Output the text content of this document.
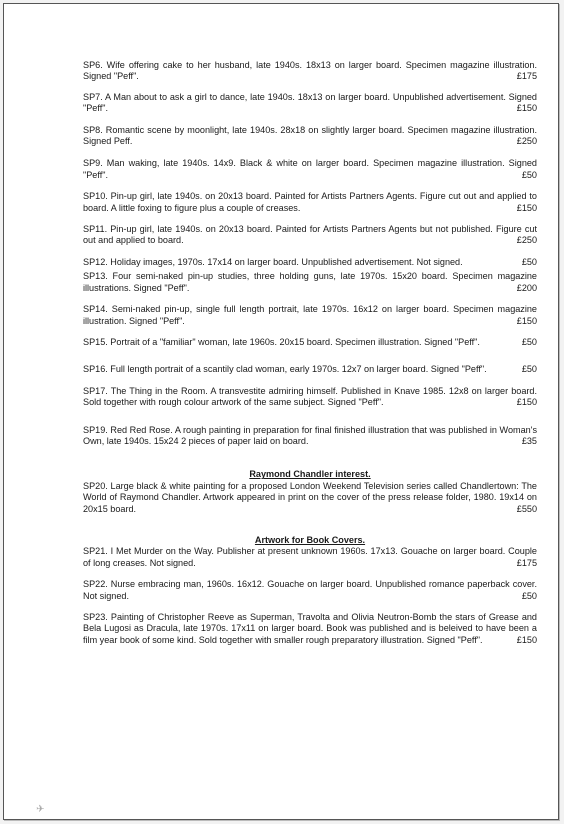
SP6. Wife offering cake to her husband, late 1940s. 18x13 on larger board. Specimen magazine illustration. Signed "Peff".	£175
SP7. A Man about to ask a girl to dance, late 1940s. 18x13 on larger board. Unpublished advertisement. Signed "Peff".	£150
SP8. Romantic scene by moonlight, late 1940s. 28x18 on slightly larger board. Specimen magazine illustration. Signed Peff.	£250
SP9. Man waking, late 1940s. 14x9. Black & white on larger board. Specimen magazine illustration. Signed "Peff".	£50
SP10. Pin-up girl, late 1940s. on 20x13 board. Painted for Artists Partners Agents. Figure cut out and applied to board. A little foxing to figure plus a couple of creases.	£150
SP11. Pin-up girl, late 1940s. on 20x13 board. Painted for Artists Partners Agents but not published. Figure cut out and applied to board.	£250
SP12. Holiday images, 1970s. 17x14 on larger board. Unpublished advertisement. Not signed.	£50
SP13. Four semi-naked pin-up studies, three holding guns, late 1970s. 15x20 board. Specimen magazine illustrations. Signed "Peff".	£200
SP14. Semi-naked pin-up, single full length portrait, late 1970s. 16x12 on larger board. Specimen magazine illustration. Signed "Peff".	£150
SP15. Portrait of a "familiar" woman, late 1960s. 20x15 board. Specimen illustration. Signed "Peff".	£50
SP16. Full length portrait of a scantily clad woman, early 1970s. 12x7 on larger board. Signed "Peff".	£50
SP17. The Thing in the Room. A transvestite admiring himself. Published in Knave 1985. 12x8 on larger board. Sold together with rough colour artwork of the same subject. Signed "Peff".	£150
SP19. Red Red Rose. A rough painting in preparation for final finished illustration that was published in Woman's Own, late 1940s. 15x24 2 pieces of paper laid on board.	£35
Raymond Chandler interest.
SP20. Large black & white painting for a proposed London Weekend Television series called Chandlertown: The World of Raymond Chandler. Artwork appeared in print on the cover of the press release folder, 1980. 19x14 on 20x15 board.	£550
Artwork for Book Covers.
SP21. I Met Murder on the Way. Publisher at present unknown 1960s. 17x13. Gouache on larger board. Couple of long creases. Not signed.	£175
SP22. Nurse embracing man, 1960s. 16x12. Gouache on larger board. Unpublished romance paperback cover. Not signed.	£50
SP23. Painting of Christopher Reeve as Superman, Travolta and Olivia Neutron-Bomb the stars of Grease and Bela Lugosi as Dracula, late 1970s. 17x11 on larger board. Book was published and is beleived to have been a film year book of some kind. Sold together with smaller rough preparatory illustration. Signed "Peff".	£150
✈
